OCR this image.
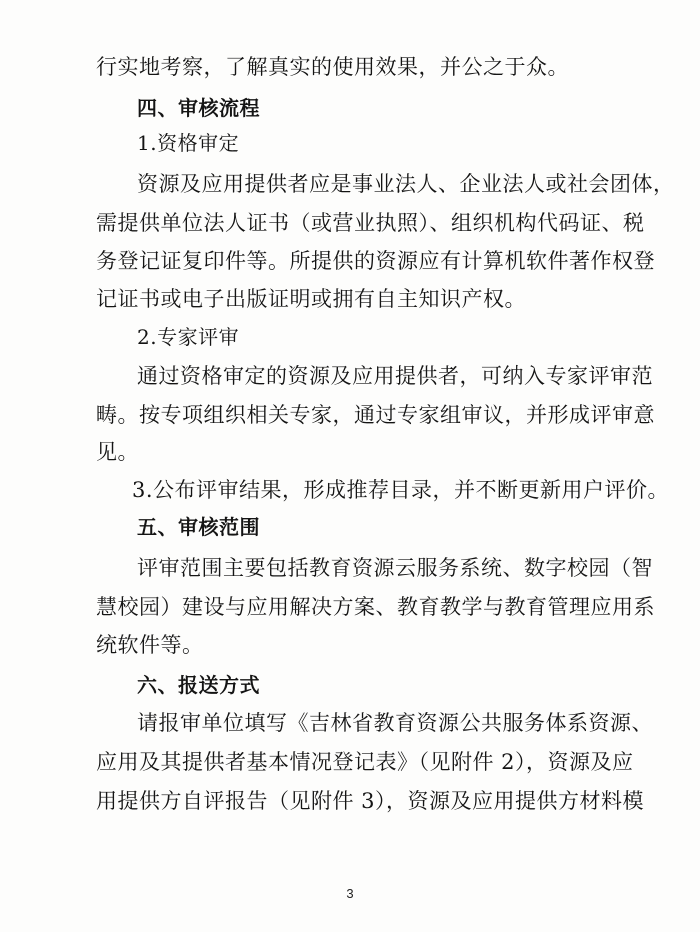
行实地考察，了解真实的使用效果，并公之于众。
四、审核流程
1.资格审定
资源及应用提供者应是事业法人、企业法人或社会团体，
需提供单位法人证书（或营业执照）、组织机构代码证、税
务登记证复印件等。所提供的资源应有计算机软件著作权登
记证书或电子出版证明或拥有自主知识产权。
2.专家评审
通过资格审定的资源及应用提供者，可纳入专家评审范
畴。按专项组织相关专家，通过专家组审议，并形成评审意
见。
3.公布评审结果，形成推荐目录，并不断更新用户评价。
五、审核范围
评审范围主要包括教育资源云服务系统、数字校园（智
慧校园）建设与应用解决方案、教育教学与教育管理应用系
统软件等。
六、报送方式
请报审单位填写《吉林省教育资源公共服务体系资源、
应用及其提供者基本情况登记表》（见附件 2），资源及应
用提供方自评报告（见附件 3），资源及应用提供方材料模
3
